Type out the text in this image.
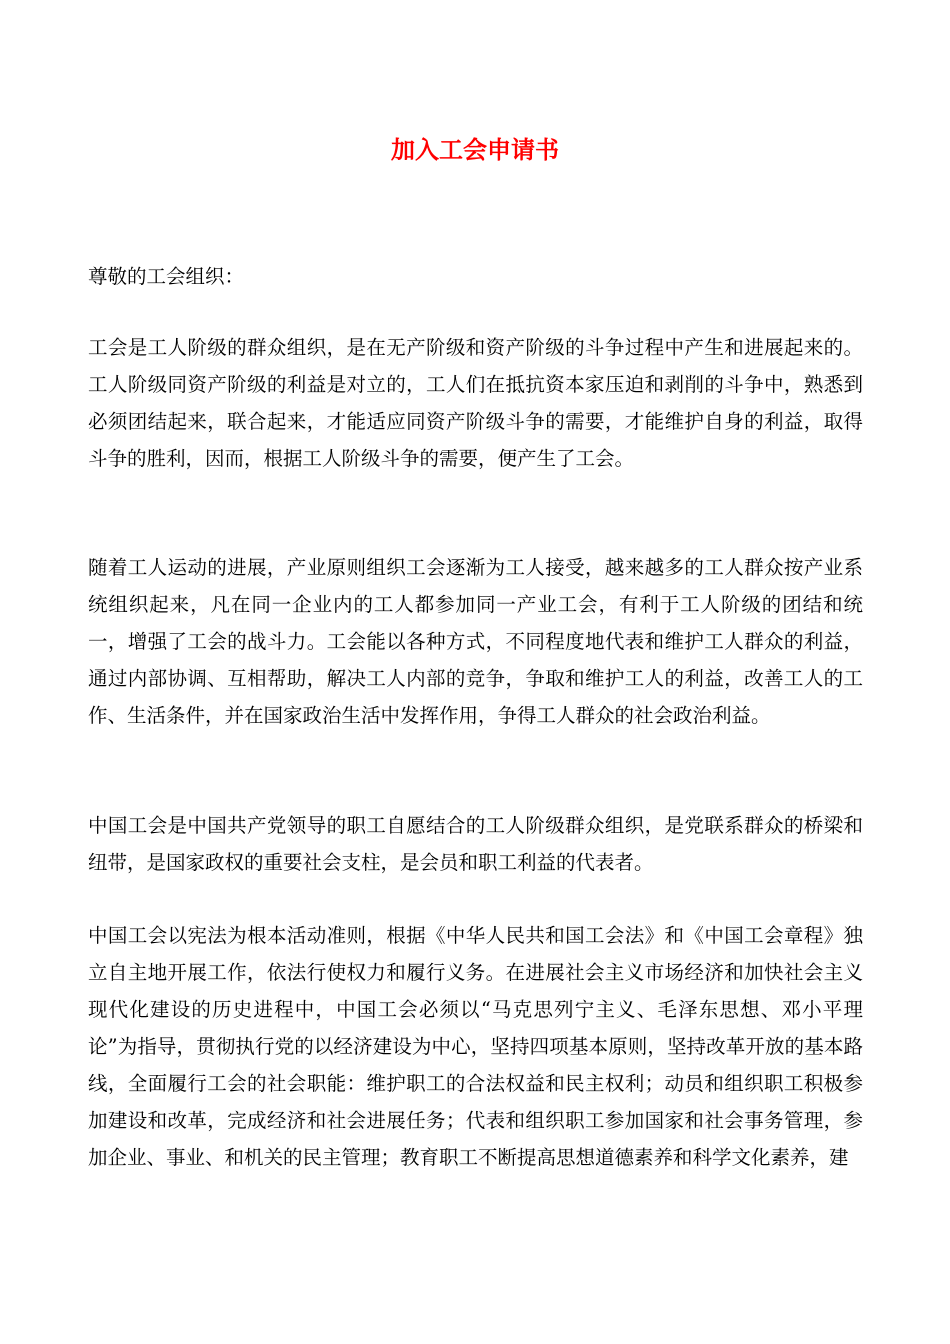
加入工会申请书

尊敬的工会组织：

工会是工人阶级的群众组织，是在无产阶级和资产阶级的斗争过程中产生和进展起来的。工人阶级同资产阶级的利益是对立的，工人们在抵抗资本家压迫和剥削的斗争中，熟悉到必须团结起来，联合起来，才能适应同资产阶级斗争的需要，才能维护自身的利益，取得斗争的胜利，因而，根据工人阶级斗争的需要，便产生了工会。

随着工人运动的进展，产业原则组织工会逐渐为工人接受，越来越多的工人群众按产业系统组织起来，凡在同一企业内的工人都参加同一产业工会，有利于工人阶级的团结和统一，增强了工会的战斗力。工会能以各种方式，不同程度地代表和维护工人群众的利益，通过内部协调、互相帮助，解决工人内部的竞争，争取和维护工人的利益，改善工人的工作、生活条件，并在国家政治生活中发挥作用，争得工人群众的社会政治利益。

中国工会是中国共产党领导的职工自愿结合的工人阶级群众组织，是党联系群众的桥梁和纽带，是国家政权的重要社会支柱，是会员和职工利益的代表者。

中国工会以宪法为根本活动准则，根据《中华人民共和国工会法》和《中国工会章程》独立自主地开展工作，依法行使权力和履行义务。在进展社会主义市场经济和加快社会主义现代化建设的历史进程中，中国工会必须以“马克思列宁主义、毛泽东思想、邓小平理论”为指导，贯彻执行党的以经济建设为中心，坚持四项基本原则，坚持改革开放的基本路线，全面履行工会的社会职能：维护职工的合法权益和民主权利；动员和组织职工积极参加建设和改革，完成经济和社会进展任务；代表和组织职工参加国家和社会事务管理，参加企业、事业、和机关的民主管理；教育职工不断提高思想道德素养和科学文化素养，建
